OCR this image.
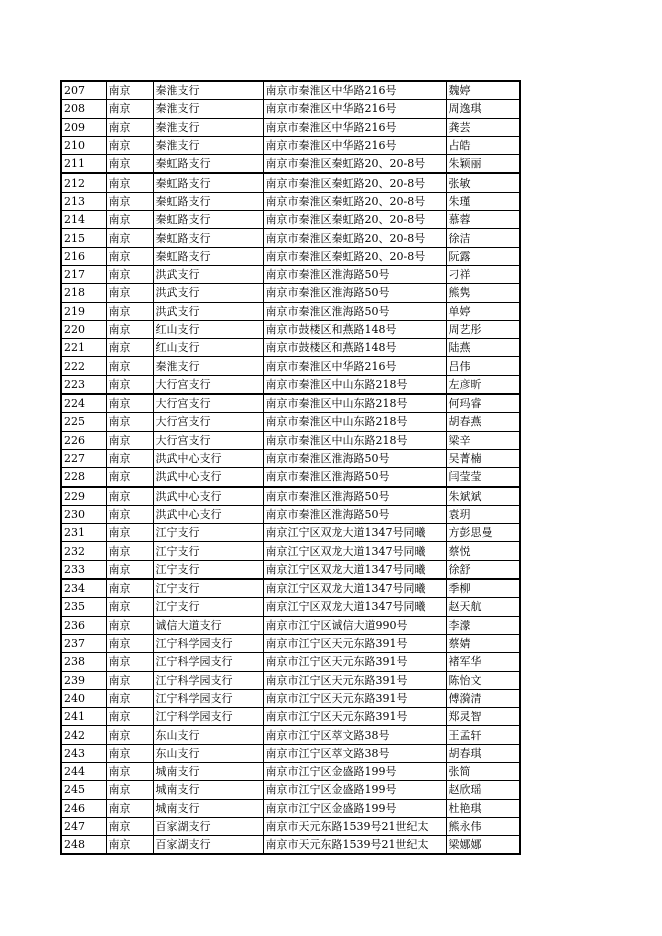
207	南京	秦淮支行	南京市秦淮区中华路216号	魏婷
208	南京	秦淮支行	南京市秦淮区中华路216号	周逸琪
209	南京	秦淮支行	南京市秦淮区中华路216号	龚芸
210	南京	秦淮支行	南京市秦淮区中华路216号	占皓
211	南京	秦虹路支行	南京市秦淮区秦虹路20、20-8号	朱颖丽
212	南京	秦虹路支行	南京市秦淮区秦虹路20、20-8号	张敏
213	南京	秦虹路支行	南京市秦淮区秦虹路20、20-8号	朱瑾
214	南京	秦虹路支行	南京市秦淮区秦虹路20、20-8号	慕蓉
215	南京	秦虹路支行	南京市秦淮区秦虹路20、20-8号	徐洁
216	南京	秦虹路支行	南京市秦淮区秦虹路20、20-8号	阮露
217	南京	洪武支行	南京市秦淮区淮海路50号	刁祥
218	南京	洪武支行	南京市秦淮区淮海路50号	熊隽
219	南京	洪武支行	南京市秦淮区淮海路50号	单婷
220	南京	红山支行	南京市鼓楼区和燕路148号	周艺彤
221	南京	红山支行	南京市鼓楼区和燕路148号	陆燕
222	南京	秦淮支行	南京市秦淮区中华路216号	吕伟
223	南京	大行宫支行	南京市秦淮区中山东路218号	左彦昕
224	南京	大行宫支行	南京市秦淮区中山东路218号	何玛睿
225	南京	大行宫支行	南京市秦淮区中山东路218号	胡春燕
226	南京	大行宫支行	南京市秦淮区中山东路218号	梁辛
227	南京	洪武中心支行	南京市秦淮区淮海路50号	吴菁楠
228	南京	洪武中心支行	南京市秦淮区淮海路50号	闫莹莹
229	南京	洪武中心支行	南京市秦淮区淮海路50号	朱斌斌
230	南京	洪武中心支行	南京市秦淮区淮海路50号	袁玥
231	南京	江宁支行	南京江宁区双龙大道1347号同曦	方彭思曼
232	南京	江宁支行	南京江宁区双龙大道1347号同曦	蔡悦
233	南京	江宁支行	南京江宁区双龙大道1347号同曦	徐舒
234	南京	江宁支行	南京江宁区双龙大道1347号同曦	季柳
235	南京	江宁支行	南京江宁区双龙大道1347号同曦	赵天航
236	南京	诚信大道支行	南京市江宁区诚信大道990号	李濛
237	南京	江宁科学园支行	南京市江宁区天元东路391号	蔡婧
238	南京	江宁科学园支行	南京市江宁区天元东路391号	褚军华
239	南京	江宁科学园支行	南京市江宁区天元东路391号	陈怡文
240	南京	江宁科学园支行	南京市江宁区天元东路391号	傅漪清
241	南京	江宁科学园支行	南京市江宁区天元东路391号	郑灵智
242	南京	东山支行	南京市江宁区萃文路38号	王孟轩
243	南京	东山支行	南京市江宁区萃文路38号	胡春琪
244	南京	城南支行	南京市江宁区金盛路199号	张简
245	南京	城南支行	南京市江宁区金盛路199号	赵欣瑶
246	南京	城南支行	南京市江宁区金盛路199号	杜艳琪
247	南京	百家湖支行	南京市天元东路1539号21世纪太	熊永伟
248	南京	百家湖支行	南京市天元东路1539号21世纪太	梁娜娜
